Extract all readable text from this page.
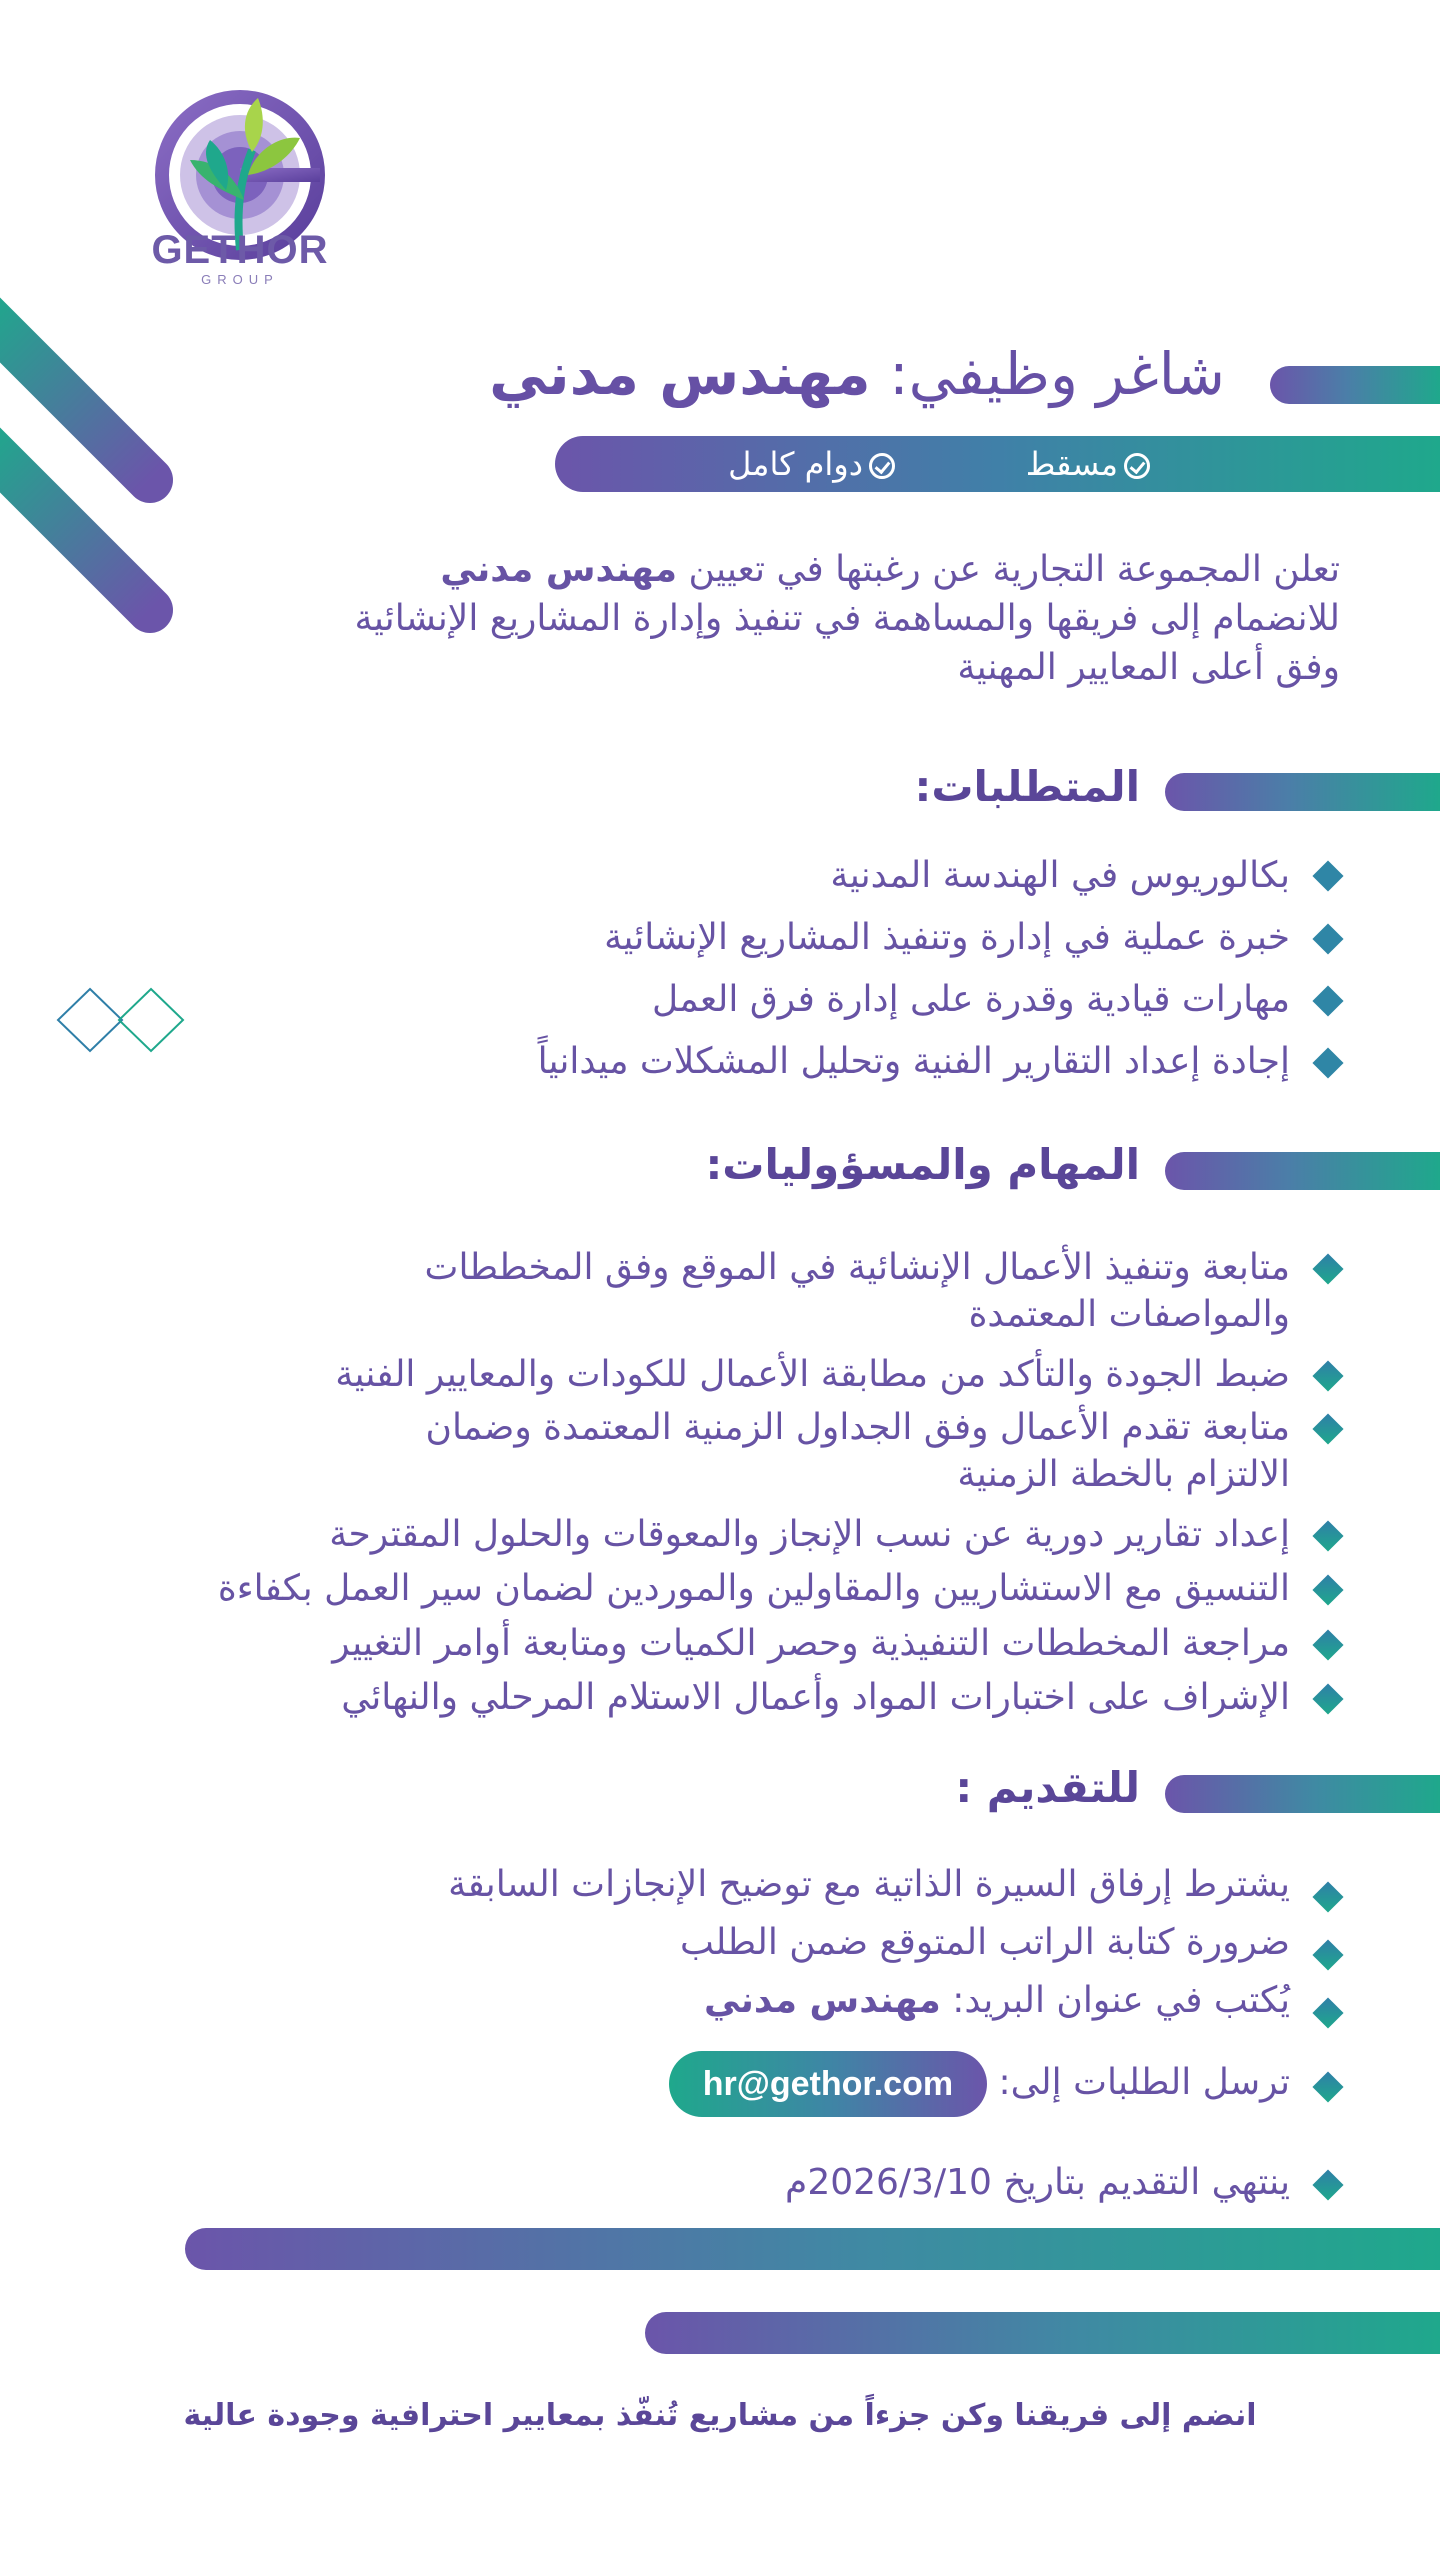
GETHOR
GROUP
شاغر وظيفي: مهندس مدني
مسقط
دوام كامل
تعلن المجموعة التجارية عن رغبتها في تعيين مهندس مدني للانضمام إلى فريقها والمساهمة في تنفيذ وإدارة المشاريع الإنشائية وفق أعلى المعايير المهنية
المتطلبات:
بكالوريوس في الهندسة المدنية
خبرة عملية في إدارة وتنفيذ المشاريع الإنشائية
مهارات قيادية وقدرة على إدارة فرق العمل
إجادة إعداد التقارير الفنية وتحليل المشكلات ميدانياً
المهام والمسؤوليات:
متابعة وتنفيذ الأعمال الإنشائية في الموقع وفق المخططات
والمواصفات المعتمدة
ضبط الجودة والتأكد من مطابقة الأعمال للكودات والمعايير الفنية
متابعة تقدم الأعمال وفق الجداول الزمنية المعتمدة وضمان
الالتزام بالخطة الزمنية
إعداد تقارير دورية عن نسب الإنجاز والمعوقات والحلول المقترحة
التنسيق مع الاستشاريين والمقاولين والموردين لضمان سير العمل بكفاءة
مراجعة المخططات التنفيذية وحصر الكميات ومتابعة أوامر التغيير
الإشراف على اختبارات المواد وأعمال الاستلام المرحلي والنهائي
للتقديم :
يشترط إرفاق السيرة الذاتية مع توضيح الإنجازات السابقة
ضرورة كتابة الراتب المتوقع ضمن الطلب
يُكتب في عنوان البريد: مهندس مدني
ترسل الطلبات إلى: hr@gethor.com
ينتهي التقديم بتاريخ 2026/3/10م
انضم إلى فريقنا وكن جزءاً من مشاريع تُنفّذ بمعايير احترافية وجودة عالية
